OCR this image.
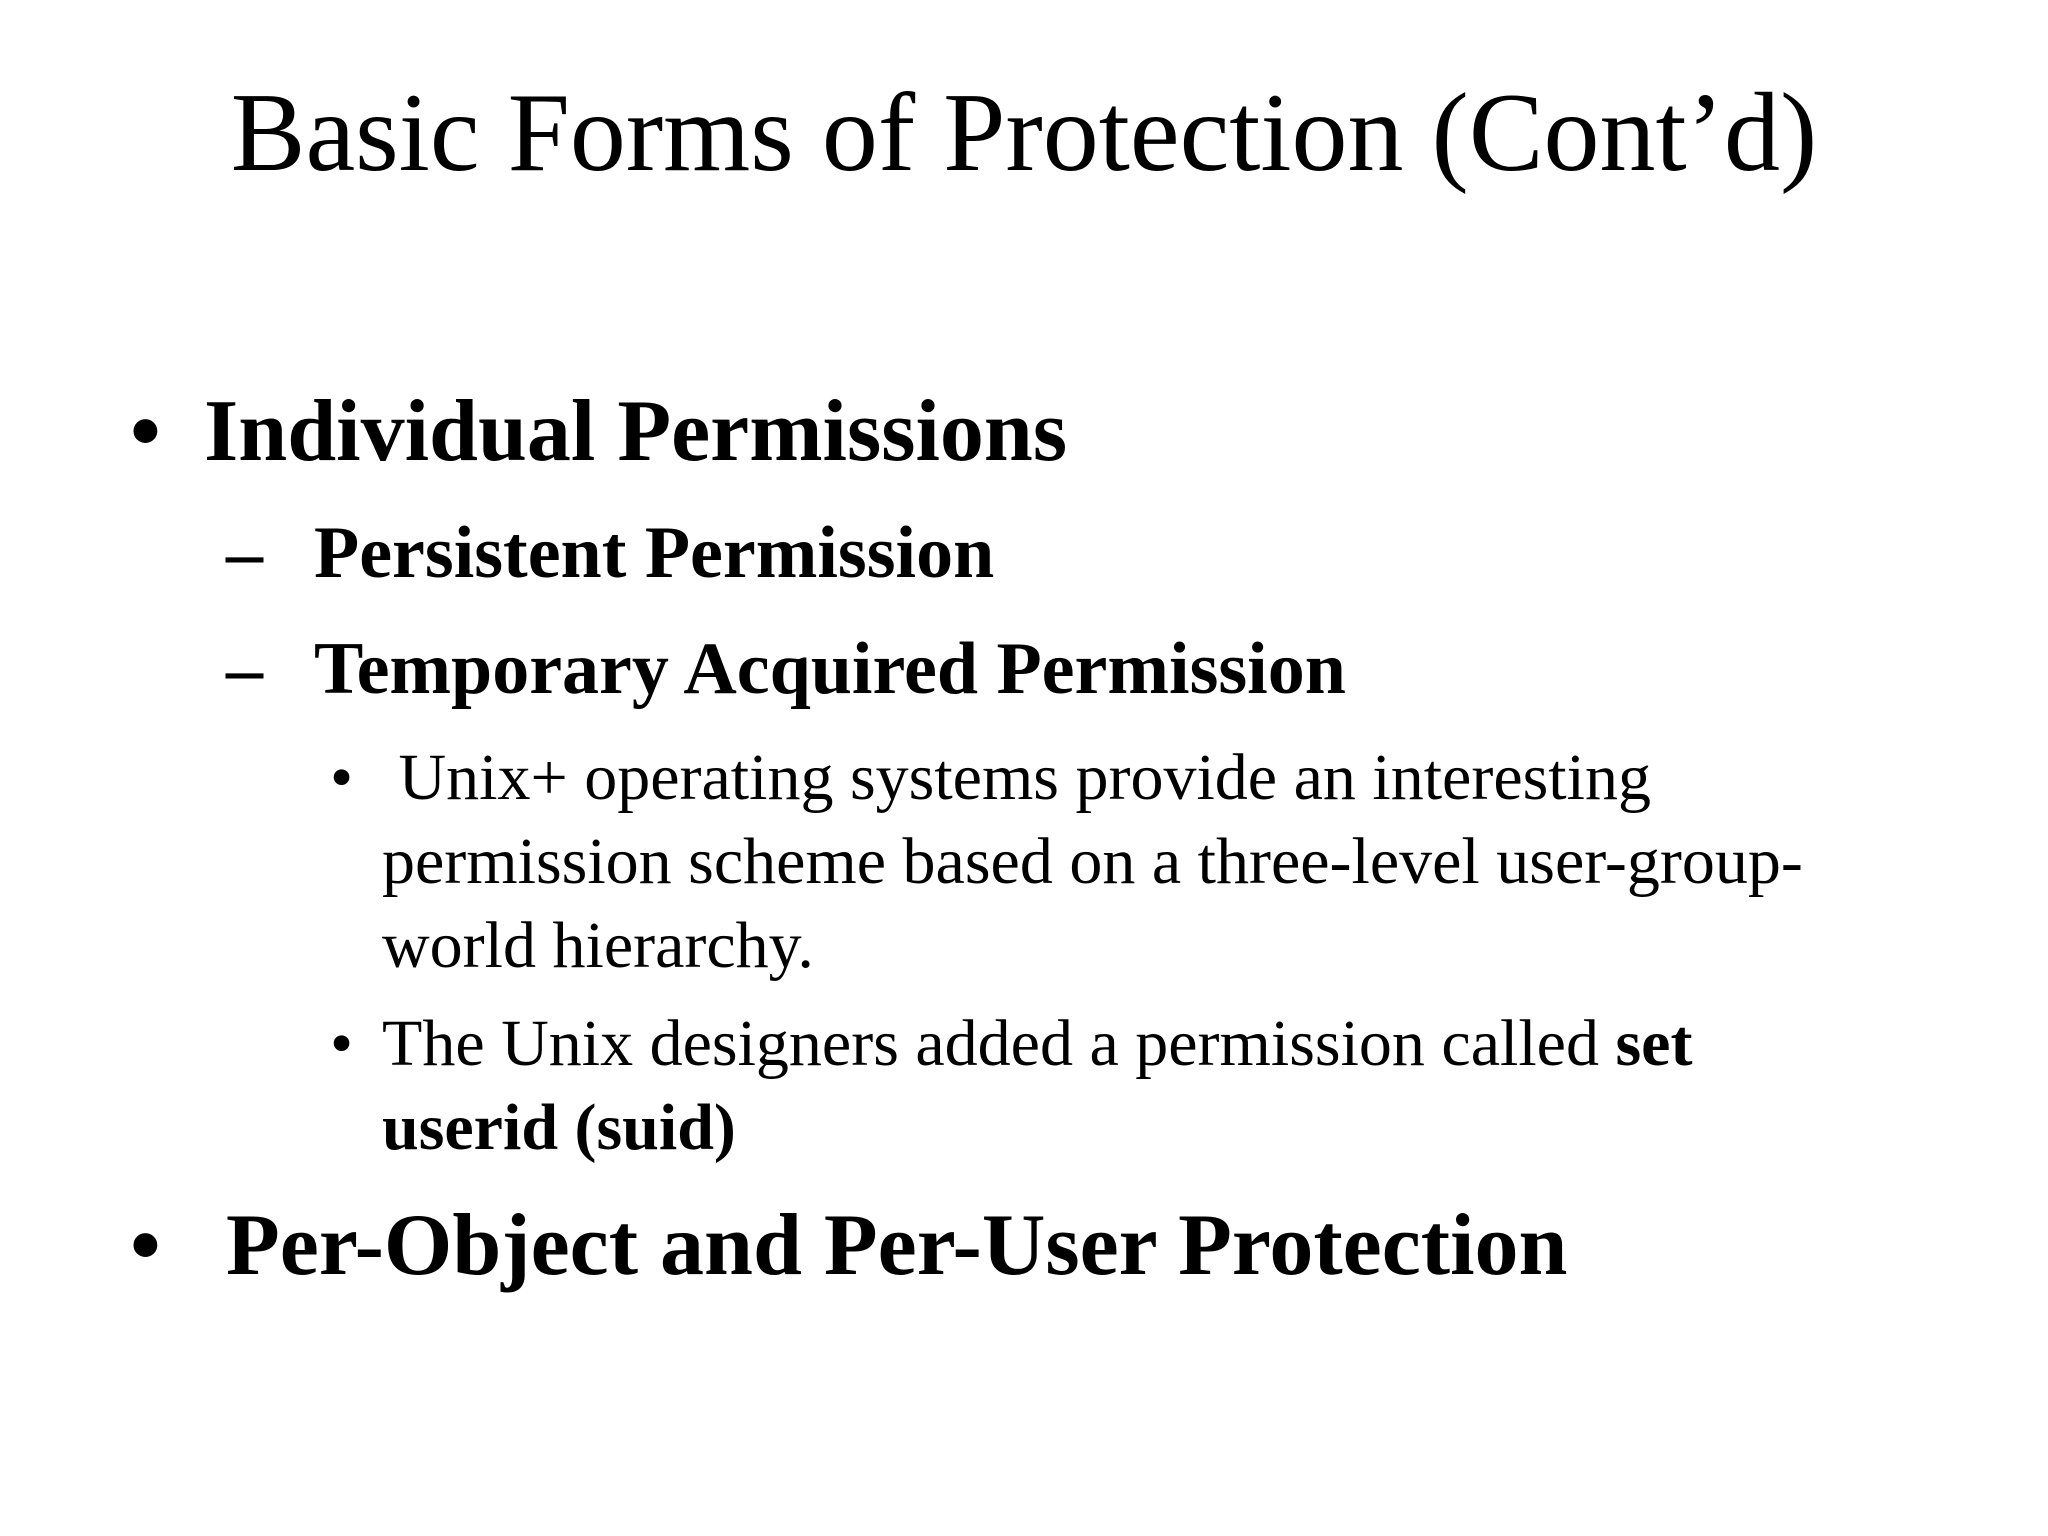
Basic Forms of Protection (Cont’d)
• Individual Permissions
– Persistent Permission
– Temporary Acquired Permission
• Unix+ operating systems provide an interesting
permission scheme based on a three-level user-group-
world hierarchy.
• The Unix designers added a permission called set
userid (suid)
• Per-Object and Per-User Protection
